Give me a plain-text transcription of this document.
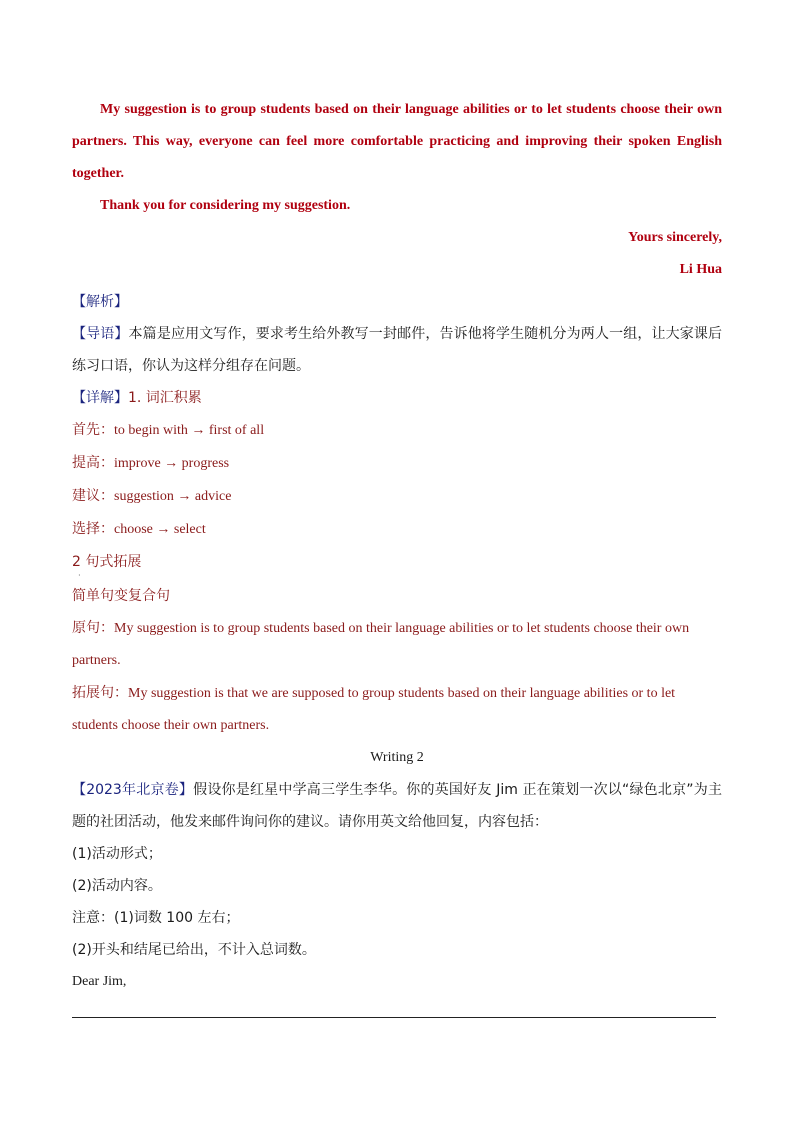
My suggestion is to group students based on their language abilities or to let students choose their own

partners. This way, everyone can feel more comfortable practicing and improving their spoken English

together.

Thank you for considering my suggestion.

Yours sincerely,

Li Hua

【解析】

【导语】本篇是应用文写作，要求考生给外教写一封邮件，告诉他将学生随机分为两人一组，让大家课后

练习口语，你认为这样分组存在问题。

【详解】1. 词汇积累

首先：to begin with → first of all

提高：improve → progress

建议：suggestion → advice

选择：choose → select

2 句式拓展

·

简单句变复合句

原句：My suggestion is to group students based on their language abilities or to let students choose their own

partners.

拓展句：My suggestion is that we are supposed to group students based on their language abilities or to let

students choose their own partners.

Writing 2

【2023年北京卷】假设你是红星中学高三学生李华。你的英国好友 Jim 正在策划一次以“绿色北京”为主

题的社团活动，他发来邮件询问你的建议。请你用英文给他回复，内容包括：

(1)活动形式；

(2)活动内容。

注意：(1)词数 100 左右；

(2)开头和结尾已给出，不计入总词数。

Dear Jim,
